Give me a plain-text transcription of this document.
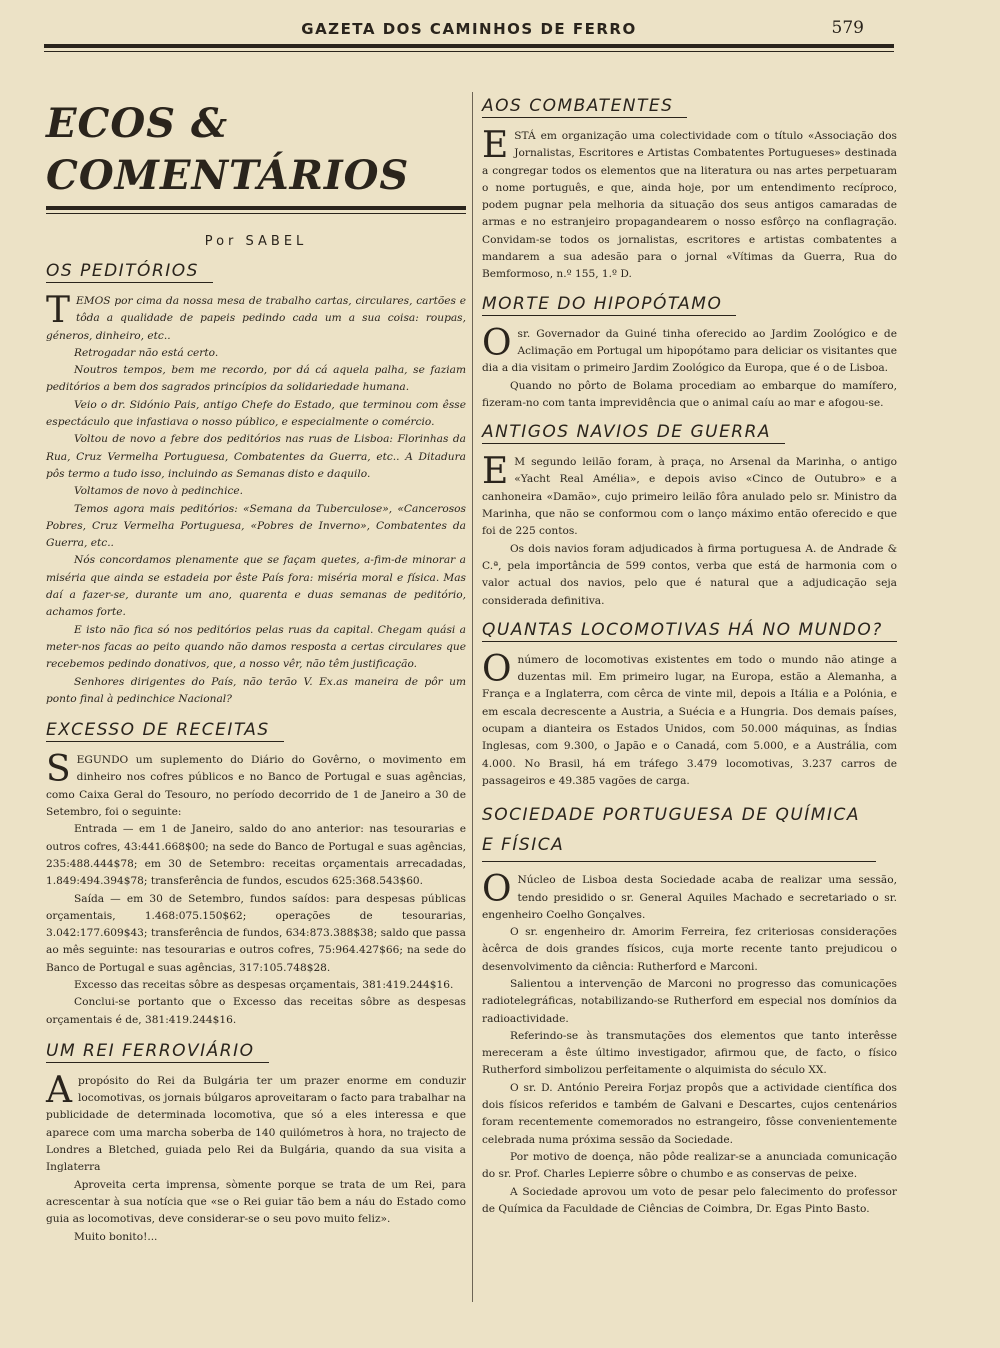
GAZETA DOS CAMINHOS DE FERRO	579
ECOS & COMENTÁRIOS
Por SABEL
OS PEDITÓRIOS

TEMOS por cima da nossa mesa de trabalho cartas, circulares, cartões e tôda a qualidade de papeis pedindo cada um a sua coisa: roupas, géneros, dinheiro, etc..

Retrogadar não está certo.

Noutros tempos, bem me recordo, por dá cá aquela palha, se faziam peditórios a bem dos sagrados princípios da solidariedade humana.

Veio o dr. Sidónio Pais, antigo Chefe do Estado, que terminou com êsse espectáculo que infastiava o nosso público, e especialmente o comércio.

Voltou de novo a febre dos peditórios nas ruas de Lisboa: Florinhas da Rua, Cruz Vermelha Portuguesa, Combatentes da Guerra, etc.. A Ditadura pôs termo a tudo isso, incluindo as Semanas disto e daquilo.

Voltamos de novo à pedinchice.

Temos agora mais peditórios: «Semana da Tuberculose», «Cancerosos Pobres, Cruz Vermelha Portuguesa, «Pobres de Inverno», Combatentes da Guerra, etc..

Nós concordamos plenamente que se façam quetes, a-fim-de minorar a miséria que ainda se estadeia por êste País fora: miséria moral e física. Mas daí a fazer-se, durante um ano, quarenta e duas semanas de peditório, achamos forte.

E isto não fica só nos peditórios pelas ruas da capital. Chegam quási a meter-nos facas ao peito quando não damos resposta a certas circulares que recebemos pedindo donativos, que, a nosso vêr, não têm justificação.

Senhores dirigentes do País, não terão V. Ex.as maneira de pôr um ponto final à pedinchice Nacional?

EXCESSO DE RECEITAS

SEGUNDO um suplemento do Diário do Govêrno, o movimento em dinheiro nos cofres públicos e no Banco de Portugal e suas agências, como Caixa Geral do Tesouro, no período decorrido de 1 de Janeiro a 30 de Setembro, foi o seguinte:

Entrada — em 1 de Janeiro, saldo do ano anterior: nas tesourarias e outros cofres, 43:441.668$00; na sede do Banco de Portugal e suas agências, 235:488.444$78; em 30 de Setembro: receitas orçamentais arrecadadas, 1.849:494.394$78; transferência de fundos, escudos 625:368.543$60.

Saída — em 30 de Setembro, fundos saídos: para despesas públicas orçamentais, 1.468:075.150$62; operações de tesourarias, 3.042:177.609$43; transferência de fundos, 634:873.388$38; saldo que passa ao mês seguinte: nas tesourarias e outros cofres, 75:964.427$66; na sede do Banco de Portugal e suas agências, 317:105.748$28.

Excesso das receitas sôbre as despesas orçamentais, 381:419.244$16.

Conclui-se portanto que o Excesso das receitas sôbre as despesas orçamentais é de, 381:419.244$16.

UM REI FERROVIÁRIO

Apropósito do Rei da Bulgária ter um prazer enorme em conduzir locomotivas, os jornais búlgaros aproveitaram o facto para trabalhar na publicidade de determinada locomotiva, que só a eles interessa e que aparece com uma marcha soberba de 140 quilómetros à hora, no trajecto de Londres a Bletched, guiada pelo Rei da Bulgária, quando da sua visita a Inglaterra

Aproveita certa imprensa, sòmente porque se trata de um Rei, para acrescentar à sua notícia que «se o Rei guiar tão bem a náu do Estado como guia as locomotivas, deve considerar-se o seu povo muito feliz».

Muito bonito!...

AOS COMBATENTES

ESTÁ em organização uma colectividade com o título «Associação dos Jornalistas, Escritores e Artistas Combatentes Portugueses» destinada a congregar todos os elementos que na literatura ou nas artes perpetuaram o nome português, e que, ainda hoje, por um entendimento recíproco, podem pugnar pela melhoria da situação dos seus antigos camaradas de armas e no estranjeiro propagandearem o nosso esfôrço na conflagração. Convidam-se todos os jornalistas, escritores e artistas combatentes a mandarem a sua adesão para o jornal «Vítimas da Guerra, Rua do Bemformoso, n.º 155, 1.º D.

MORTE DO HIPOPÓTAMO

Osr. Governador da Guiné tinha oferecido ao Jardim Zoológico e de Aclimação em Portugal um hipopótamo para deliciar os visitantes que dia a dia visitam o primeiro Jardim Zoológico da Europa, que é o de Lisboa.

Quando no pôrto de Bolama procediam ao embarque do mamífero, fizeram-no com tanta imprevidência que o animal caíu ao mar e afogou-se.

ANTIGOS NAVIOS DE GUERRA

E M segundo leilão foram, à praça, no Arsenal da Marinha, o antigo «Yacht Real Amélia», e depois aviso «Cinco de Outubro» e a canhoneira «Damão», cujo primeiro leilão fôra anulado pelo sr. Ministro da Marinha, que não se conformou com o lanço máximo então oferecido e que foi de 225 contos.

Os dois navios foram adjudicados à firma portuguesa A. de Andrade & C.ª, pela importância de 599 contos, verba que está de harmonia com o valor actual dos navios, pelo que é natural que a adjudicação seja considerada definitiva.

QUANTAS LOCOMOTIVAS HÁ NO MUNDO?

Onúmero de locomotivas existentes em todo o mundo não atinge a duzentas mil. Em primeiro lugar, na Europa, estão a Alemanha, a França e a Inglaterra, com cêrca de vinte mil, depois a Itália e a Polónia, e em escala decrescente a Austria, a Suécia e a Hungria. Dos demais países, ocupam a dianteira os Estados Unidos, com 50.000 máquinas, as Índias Inglesas, com 9.300, o Japão e o Canadá, com 5.000, e a Austrália, com 4.000. No Brasil, há em tráfego 3.479 locomotivas, 3.237 carros de passageiros e 49.385 vagões de carga.

SOCIEDADE PORTUGUESA DE QUÍMICA E FÍSICA

O Núcleo de Lisboa desta Sociedade acaba de realizar uma sessão, tendo presidido o sr. General Aquiles Machado e secretariado o sr. engenheiro Coelho Gonçalves.

O sr. engenheiro dr. Amorim Ferreira, fez criteriosas considerações àcêrca de dois grandes físicos, cuja morte recente tanto prejudicou o desenvolvimento da ciência: Rutherford e Marconi.

Salientou a intervenção de Marconi no progresso das comunicações radiotelegráficas, notabilizando-se Rutherford em especial nos domínios da radioactividade.

Referindo-se às transmutações dos elementos que tanto interêsse mereceram a êste último investigador, afirmou que, de facto, o físico Rutherford simbolizou perfeitamente o alquimista do século XX.

O sr. D. António Pereira Forjaz propôs que a actividade científica dos dois físicos referidos e também de Galvani e Descartes, cujos centenários foram recentemente comemorados no estrangeiro, fôsse convenientemente celebrada numa próxima sessão da Sociedade.

Por motivo de doença, não pôde realizar-se a anunciada comunicação do sr. Prof. Charles Lepierre sôbre o chumbo e as conservas de peixe.

A Sociedade aprovou um voto de pesar pelo falecimento do professor de Química da Faculdade de Ciências de Coimbra, Dr. Egas Pinto Basto.
